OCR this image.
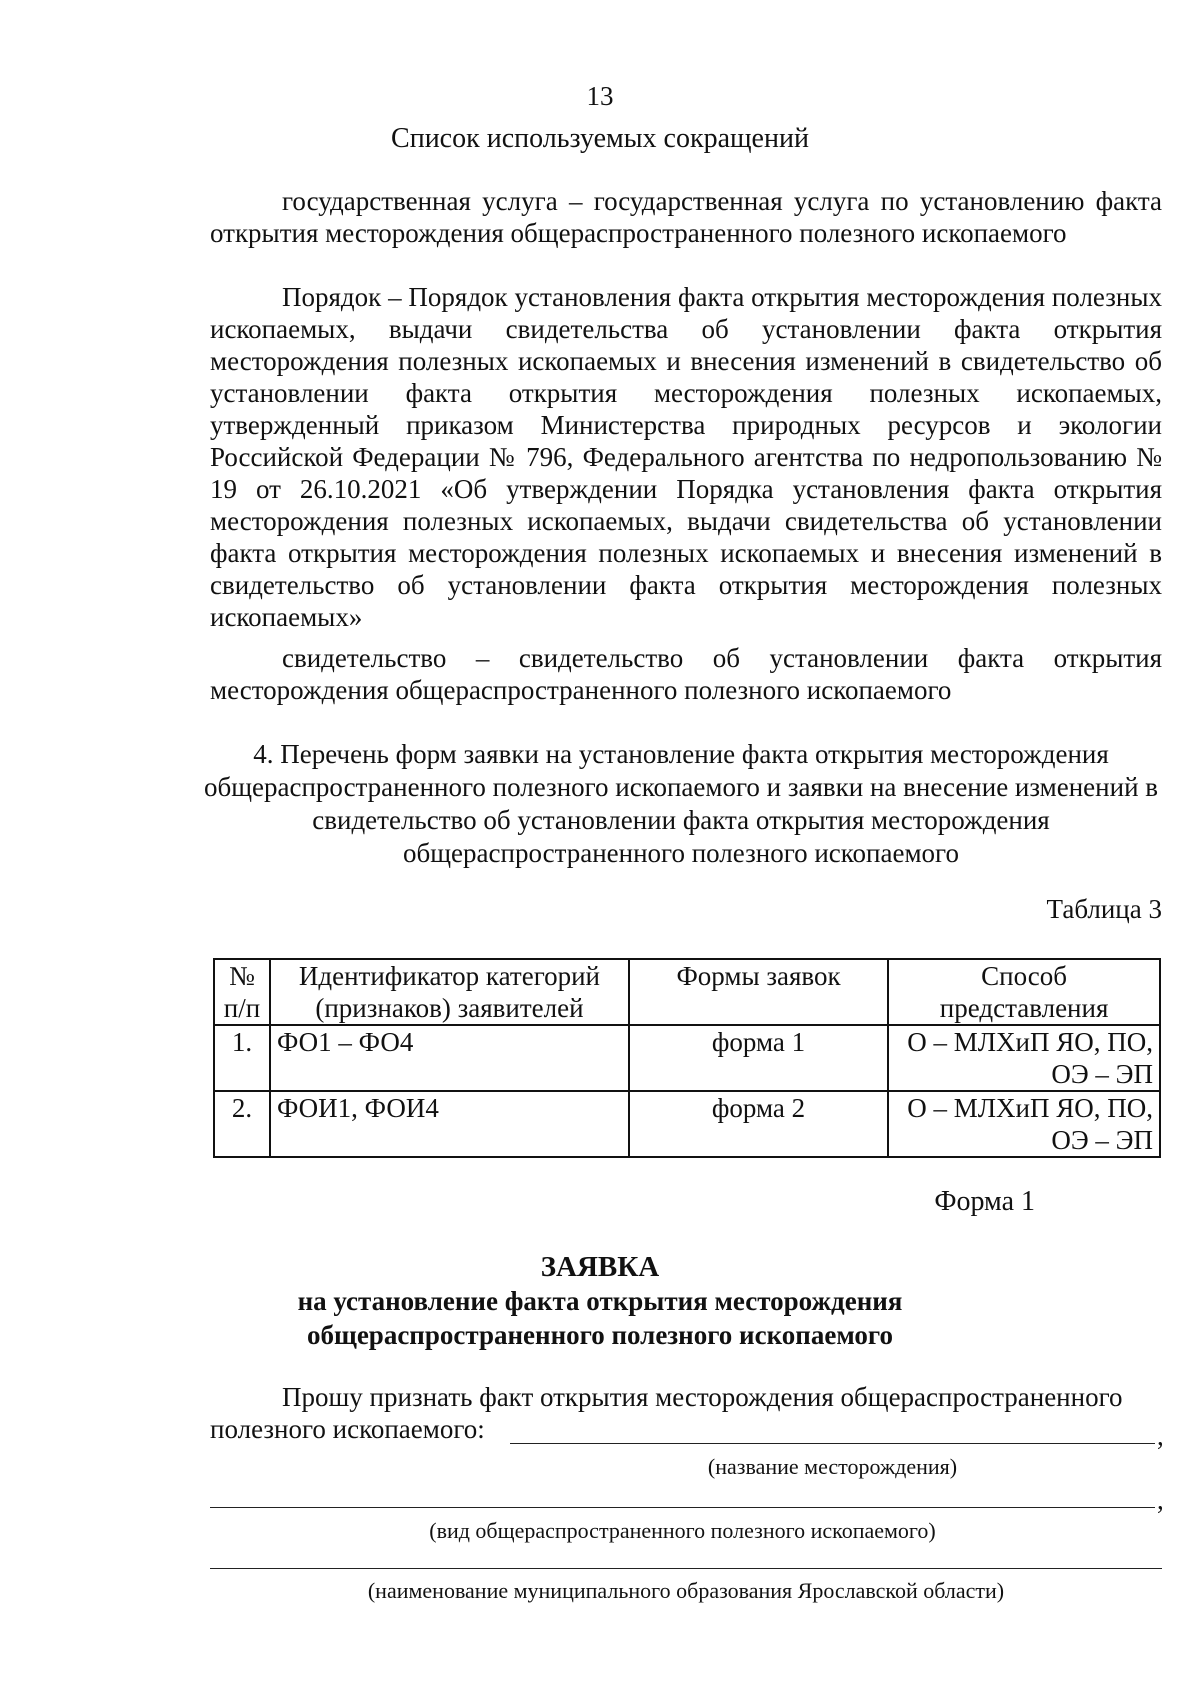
13
Список используемых сокращений

государственная услуга – государственная услуга по установлению факта открытия месторождения общераспространенного полезного ископаемого

Порядок – Порядок установления факта открытия месторождения полезных ископаемых, выдачи свидетельства об установлении факта открытия месторождения полезных ископаемых и внесения изменений в свидетельство об установлении факта открытия месторождения полезных ископаемых, утвержденный приказом Министерства природных ресурсов и экологии Российской Федерации № 796, Федерального агентства по недропользованию № 19 от 26.10.2021 «Об утверждении Порядка установления факта открытия месторождения полезных ископаемых, выдачи свидетельства об установлении факта открытия месторождения полезных ископаемых и внесения изменений в свидетельство об установлении факта открытия месторождения полезных ископаемых»

свидетельство – свидетельство об установлении факта открытия месторождения общераспространенного полезного ископаемого

4. Перечень форм заявки на установление факта открытия месторождения общераспространенного полезного ископаемого и заявки на внесение изменений в свидетельство об установлении факта открытия месторождения общераспространенного полезного ископаемого
Таблица 3
№ п/п	Идентификатор категорий (признаков) заявителей	Формы заявок	Способ представления
1.	ФО1 – ФО4	форма 1	О – МЛХиП ЯО, ПО, ОЭ – ЭП
2.	ФОИ1, ФОИ4	форма 2	О – МЛХиП ЯО, ПО, ОЭ – ЭП
Форма 1
ЗАЯВКА
на установление факта открытия месторождения
общераспространенного полезного ископаемого

Прошу признать факт открытия месторождения общераспространенного полезного ископаемого:	,
(название месторождения)
,
(вид общераспространенного полезного ископаемого)
(наименование муниципального образования Ярославской области)
